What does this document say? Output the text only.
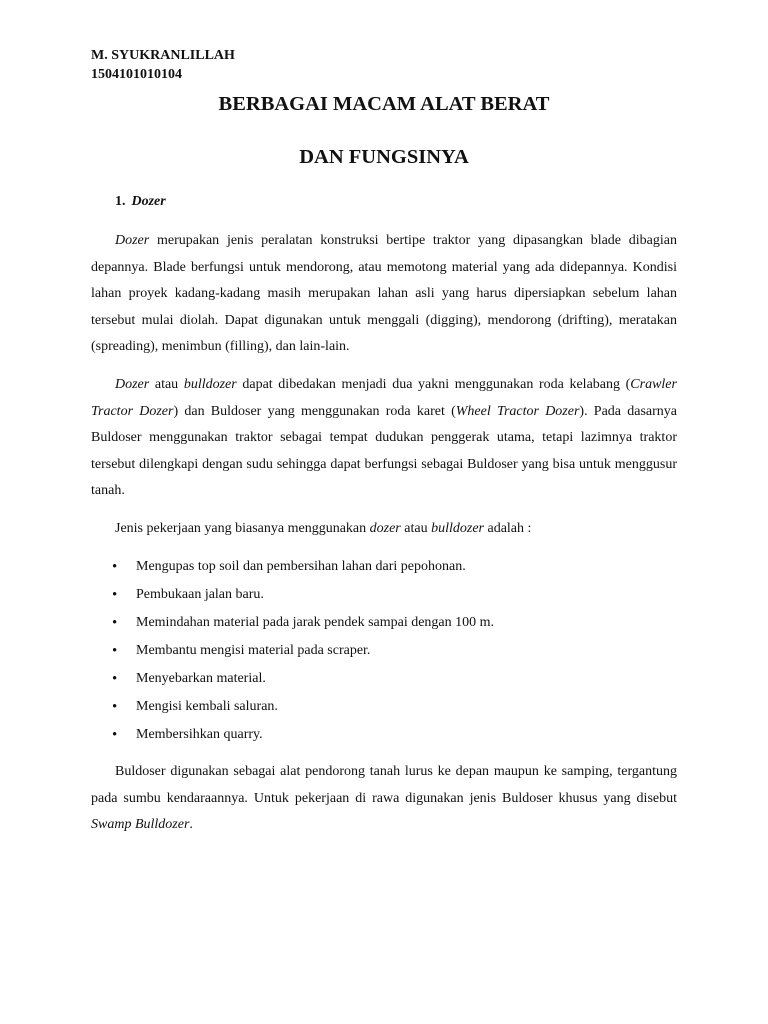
M. SYUKRANLILLAH
1504101010104
BERBAGAI MACAM ALAT BERAT
DAN FUNGSINYA
1. Dozer

Dozer merupakan jenis peralatan konstruksi bertipe traktor yang dipasangkan blade dibagian depannya. Blade berfungsi untuk mendorong, atau memotong material yang ada didepannya. Kondisi lahan proyek kadang-kadang masih merupakan lahan asli yang harus dipersiapkan sebelum lahan tersebut mulai diolah. Dapat digunakan untuk menggali (digging), mendorong (drifting), meratakan (spreading), menimbun (filling), dan lain-lain.

Dozer atau bulldozer dapat dibedakan menjadi dua yakni menggunakan roda kelabang (Crawler Tractor Dozer) dan Buldoser yang menggunakan roda karet (Wheel Tractor Dozer). Pada dasarnya Buldoser menggunakan traktor sebagai tempat dudukan penggerak utama, tetapi lazimnya traktor tersebut dilengkapi dengan sudu sehingga dapat berfungsi sebagai Buldoser yang bisa untuk menggusur tanah.

Jenis pekerjaan yang biasanya menggunakan dozer atau bulldozer adalah :

• Mengupas top soil dan pembersihan lahan dari pepohonan.
• Pembukaan jalan baru.
• Memindahan material pada jarak pendek sampai dengan 100 m.
• Membantu mengisi material pada scraper.
• Menyebarkan material.
• Mengisi kembali saluran.
• Membersihkan quarry.

Buldoser digunakan sebagai alat pendorong tanah lurus ke depan maupun ke samping, tergantung pada sumbu kendaraannya. Untuk pekerjaan di rawa digunakan jenis Buldoser khusus yang disebut Swamp Bulldozer.
